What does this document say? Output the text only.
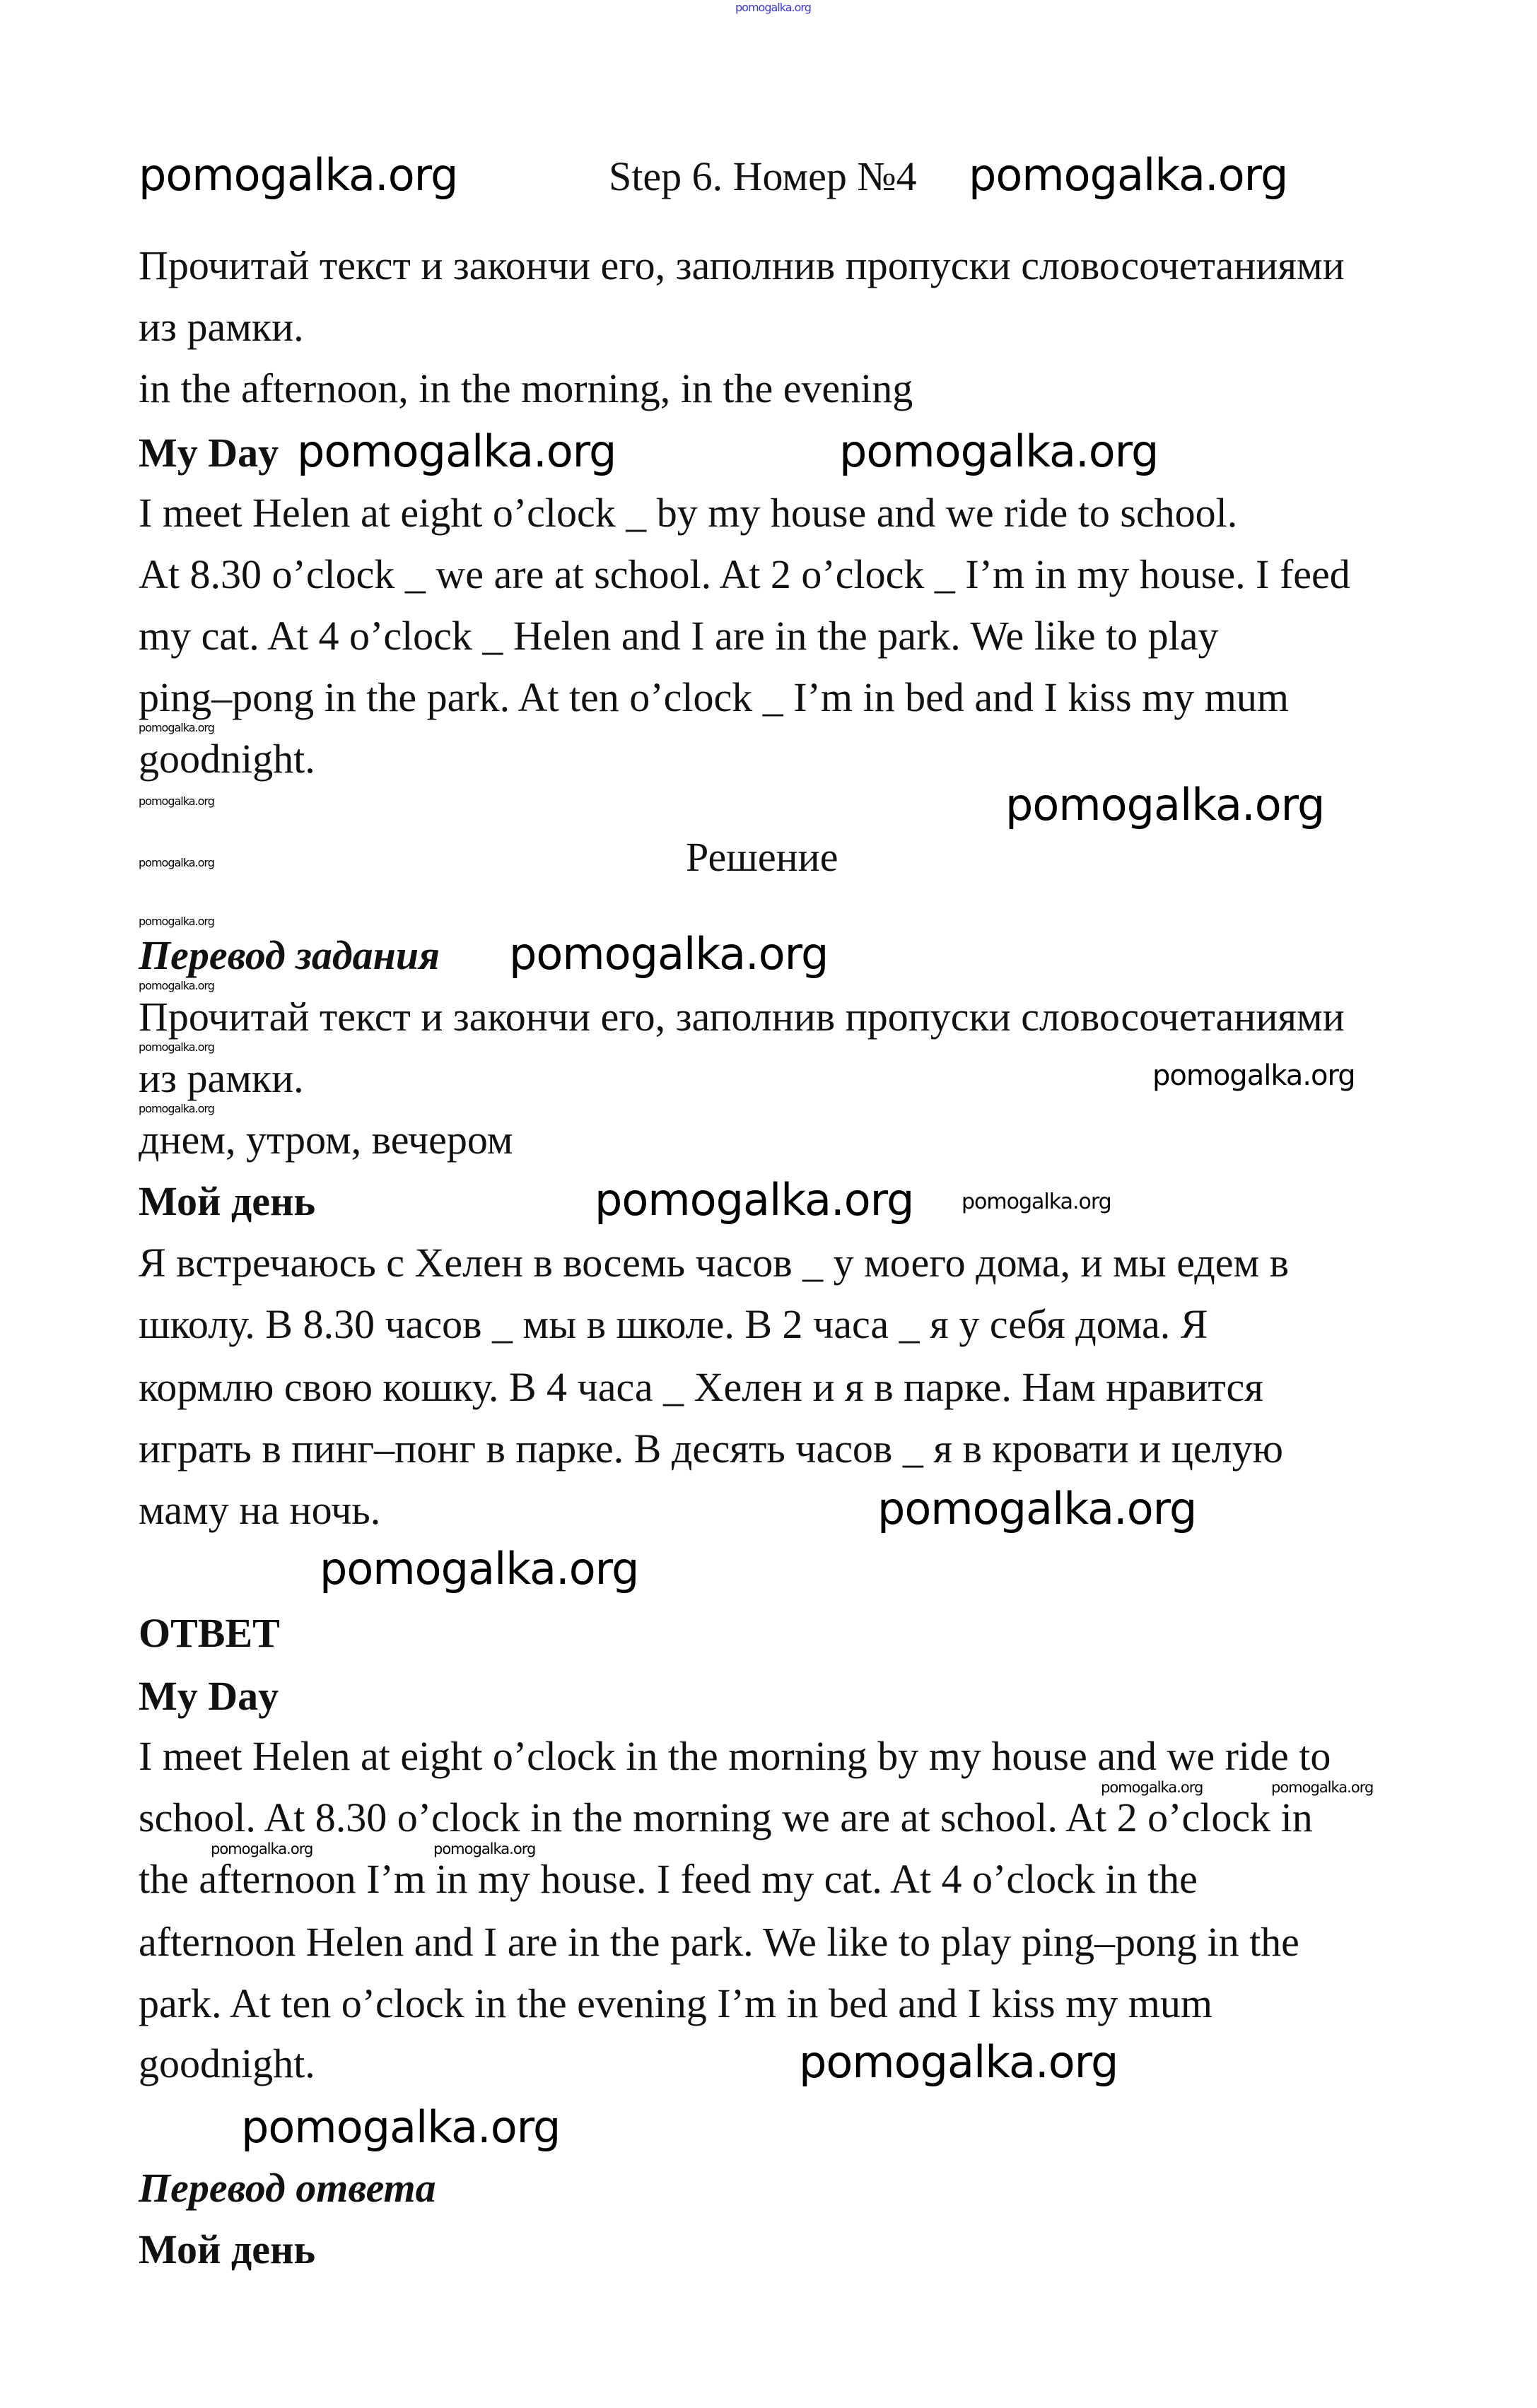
pomogalka.org
Step 6. Номер №4
Прочитай текст и закончи его, заполнив пропуски словосочетаниями
из рамки.
in the afternoon, in the morning, in the evening
My Day
I meet Helen at eight o’clock _ by my house and we ride to school.
At 8.30 o’clock _ we are at school. At 2 o’clock _ I’m in my house. I feed
my cat. At 4 o’clock _ Helen and I are in the park. We like to play
ping–pong in the park. At ten o’clock _ I’m in bed and I kiss my mum
goodnight.
Решение
Перевод задания
Прочитай текст и закончи его, заполнив пропуски словосочетаниями
из рамки.
днем, утром, вечером
Мой день
Я встречаюсь с Хелен в восемь часов _ у моего дома, и мы едем в
школу. В 8.30 часов _ мы в школе. В 2 часа _ я у себя дома. Я
кормлю свою кошку. В 4 часа _ Хелен и я в парке. Нам нравится
играть в пинг–понг в парке. В десять часов _ я в кровати и целую
маму на ночь.
ОТВЕТ
My Day
I meet Helen at eight o’clock in the morning by my house and we ride to
school. At 8.30 o’clock in the morning we are at school. At 2 o’clock in
the afternoon I’m in my house. I feed my cat. At 4 o’clock in the
afternoon Helen and I are in the park. We like to play ping–pong in the
park. At ten o’clock in the evening I’m in bed and I kiss my mum
goodnight.
Перевод ответа
Мой день
pomogalka.org	pomogalka.org
pomogalka.org	pomogalka.org
pomogalka.org
pomogalka.org
pomogalka.org
pomogalka.org
pomogalka.org
pomogalka.org
pomogalka.org
pomogalka.org
pomogalka.org
pomogalka.org
pomogalka.org
pomogalka.org
pomogalka.org
pomogalka.org
pomogalka.org
pomogalka.org
pomogalka.org	pomogalka.org
pomogalka.org	pomogalka.org
